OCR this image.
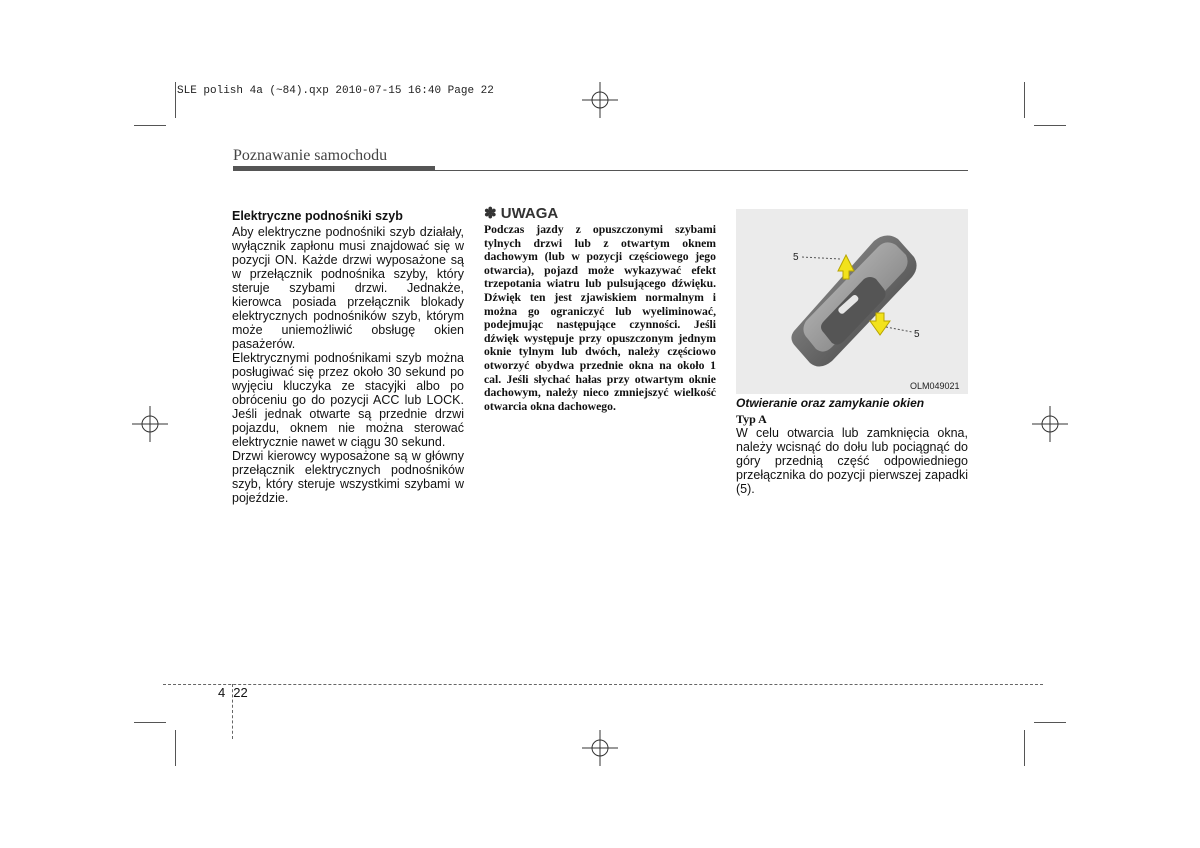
SLE polish 4a (~84).qxp 2010-07-15 16:40 Page 22
Poznawanie samochodu
Elektryczne podnośniki szyb

Aby elektryczne podnośniki szyb działały, wyłącznik zapłonu musi znajdować się w pozycji ON. Każde drzwi wyposażone są w przełącznik podnośnika szyby, który steruje szybami drzwi. Jednakże, kierowca posiada przełącznik blokady elektrycznych podnośników szyb, którym może uniemożliwić obsługę okien pasażerów.

Elektrycznymi podnośnikami szyb można posługiwać się przez około 30 sekund po wyjęciu kluczyka ze stacyjki albo po obróceniu go do pozycji ACC lub LOCK. Jeśli jednak otwarte są przednie drzwi pojazdu, oknem nie można sterować elektrycznie nawet w ciągu 30 sekund.

Drzwi kierowcy wyposażone są w główny przełącznik elektrycznych podnośników szyb, który steruje wszystkimi szybami w pojeździe.

✽ UWAGA

Podczas jazdy z opuszczonymi szybami tylnych drzwi lub z otwartym oknem dachowym (lub w pozycji częściowego jego otwarcia), pojazd może wykazywać efekt trzepotania wiatru lub pulsującego dźwięku. Dźwięk ten jest zjawiskiem normalnym i można go ograniczyć lub wyeliminować, podejmując następujące czynności. Jeśli dźwięk występuje przy opuszczonym jednym oknie tylnym lub dwóch, należy częściowo otworzyć obydwa przednie okna na około 1 cal. Jeśli słychać hałas przy otwartym oknie dachowym, należy nieco zmniejszyć wielkość otwarcia okna dachowego.

5
5
OLM049021

Otwieranie oraz zamykanie okien

Typ A

W celu otwarcia lub zamknięcia okna, należy wcisnąć do dołu lub pociągnąć do góry przednią część odpowiedniego przełącznika do pozycji pierwszej zapadki (5).

4 22
